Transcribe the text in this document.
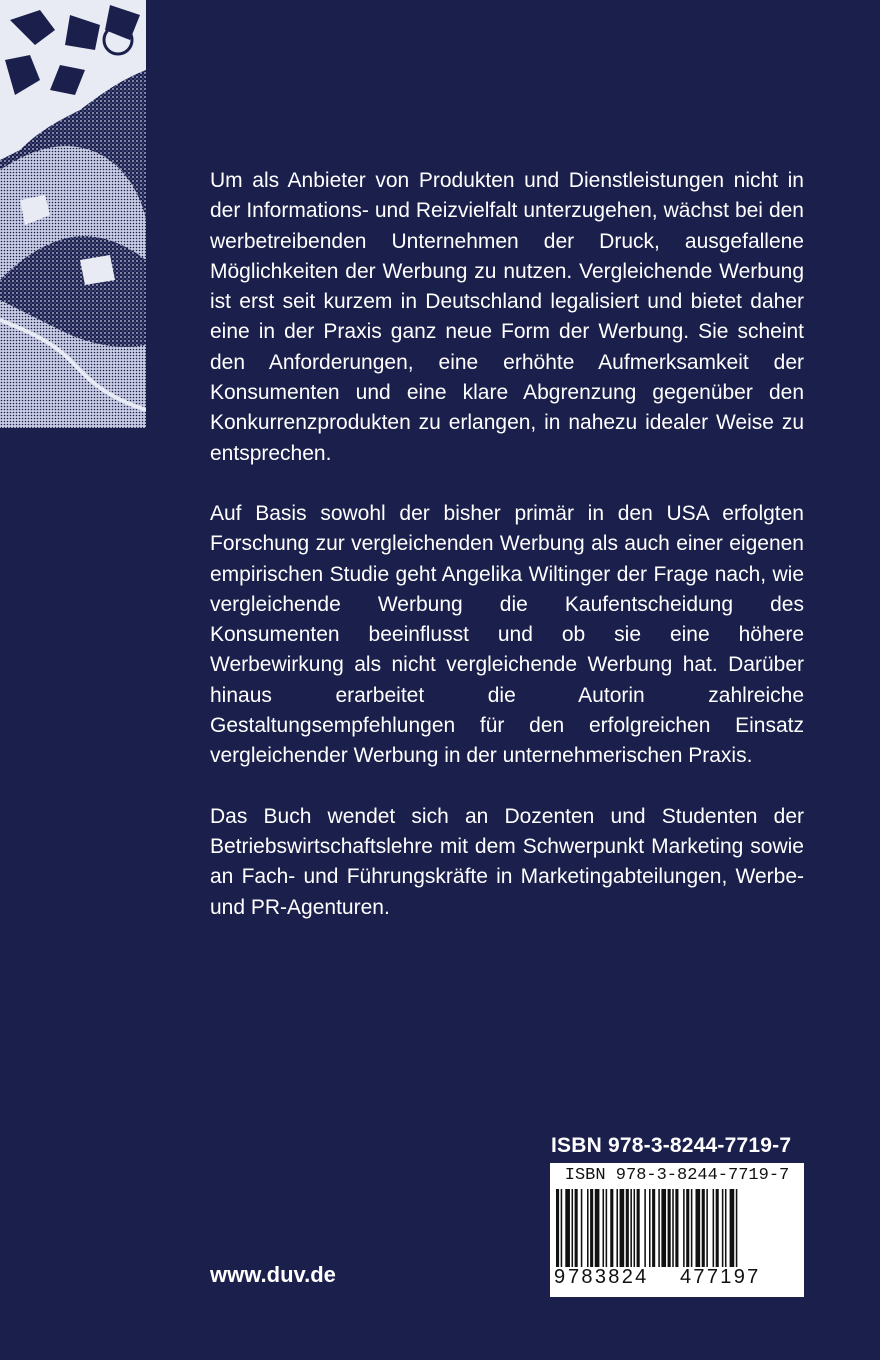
Um als Anbieter von Produkten und Dienstleistungen nicht in der Informations- und Reizvielfalt unterzugehen, wächst bei den werbetreibenden Unternehmen der Druck, ausgefallene Möglichkeiten der Werbung zu nutzen. Vergleichende Werbung ist erst seit kurzem in Deutschland legalisiert und bietet daher eine in der Praxis ganz neue Form der Werbung. Sie scheint den Anforderungen, eine erhöhte Aufmerksamkeit der Konsumenten und eine klare Abgrenzung gegenüber den Konkurrenzprodukten zu erlangen, in nahezu idealer Weise zu entsprechen.

Auf Basis sowohl der bisher primär in den USA erfolgten Forschung zur vergleichenden Werbung als auch einer eigenen empirischen Studie geht Angelika Wiltinger der Frage nach, wie vergleichende Werbung die Kaufentscheidung des Konsumenten beeinflusst und ob sie eine höhere Werbewirkung als nicht vergleichende Werbung hat. Darüber hinaus erarbeitet die Autorin zahlreiche Gestaltungsempfehlungen für den erfolgreichen Einsatz vergleichender Werbung in der unternehmerischen Praxis.

Das Buch wendet sich an Dozenten und Studenten der Betriebswirtschaftslehre mit dem Schwerpunkt Marketing sowie an Fach- und Führungskräfte in Marketingabteilungen, Werbe- und PR-Agenturen.

ISBN 978-3-8244-7719-7
ISBN 978-3-8244-7719-7
9 783824 477197
www.duv.de
